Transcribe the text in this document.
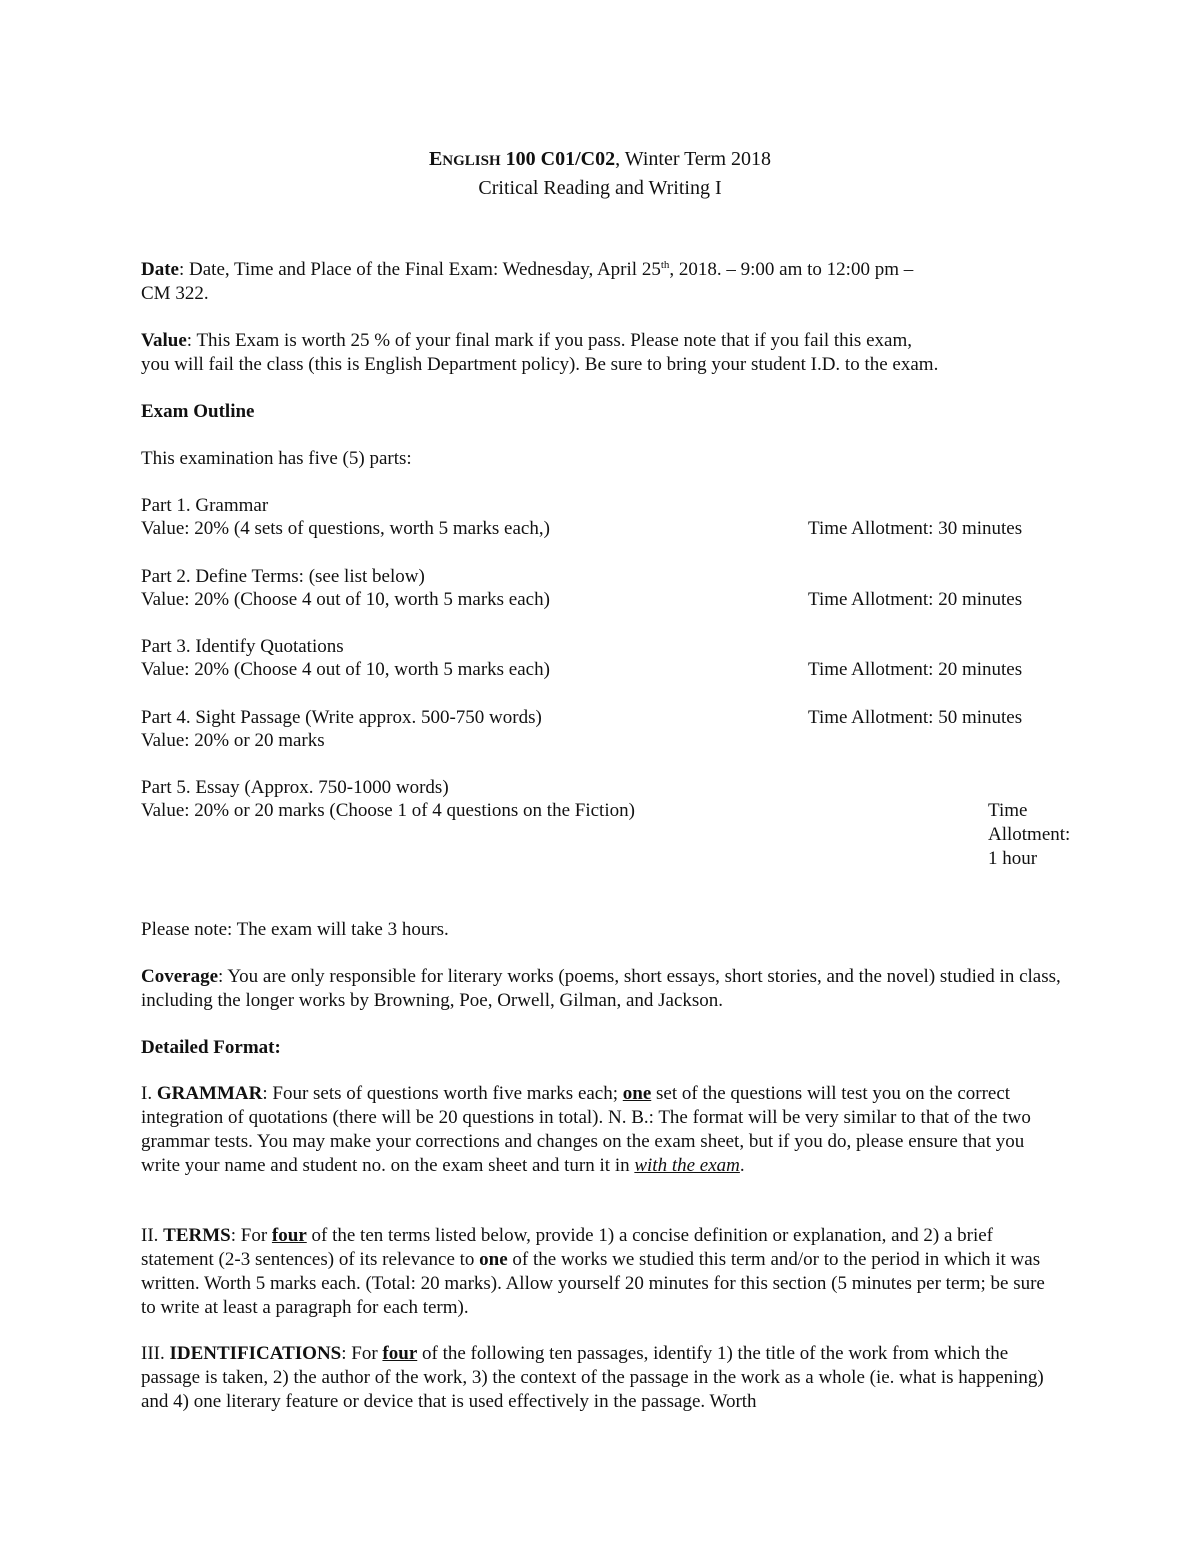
ENGLISH 100 C01/C02, Winter Term 2018
Critical Reading and Writing I

Date: Date, Time and Place of the Final Exam: Wednesday, April 25th, 2018. – 9:00 am to 12:00 pm –

CM 322.

Value: This Exam is worth 25 % of your final mark if you pass. Please note that if you fail this exam,

you will fail the class (this is English Department policy). Be sure to bring your student I.D. to the exam.

Exam Outline
This examination has five (5) parts:
Part 1. Grammar
Value: 20% (4 sets of questions, worth 5 marks each,)	Time Allotment: 30 minutes
Part 2. Define Terms: (see list below)
Value: 20% (Choose 4 out of 10, worth 5 marks each)	Time Allotment: 20 minutes
Part 3. Identify Quotations
Value: 20% (Choose 4 out of 10, worth 5 marks each)	Time Allotment: 20 minutes
Part 4. Sight Passage (Write approx. 500-750 words)	Time Allotment: 50 minutes
Value: 20% or 20 marks
Part 5. Essay (Approx. 750-1000 words)
Value: 20% or 20 marks (Choose 1 of 4 questions on the Fiction)	Time Allotment: 1 hour
Please note: The exam will take 3 hours.

Coverage: You are only responsible for literary works (poems, short essays, short stories, and the novel) studied in class, including the longer works by Browning, Poe, Orwell, Gilman, and Jackson.

Detailed Format:

I. GRAMMAR: Four sets of questions worth five marks each; one set of the questions will test you on the correct integration of quotations (there will be 20 questions in total). N. B.: The format will be very similar to that of the two grammar tests. You may make your corrections and changes on the exam sheet, but if you do, please ensure that you write your name and student no. on the exam sheet and turn it in with the exam.

II. TERMS: For four of the ten terms listed below, provide 1) a concise definition or explanation, and 2) a brief statement (2-3 sentences) of its relevance to one of the works we studied this term and/or to the period in which it was written. Worth 5 marks each. (Total: 20 marks). Allow yourself 20 minutes for this section (5 minutes per term; be sure to write at least a paragraph for each term).

III. IDENTIFICATIONS: For four of the following ten passages, identify 1) the title of the work from which the passage is taken, 2) the author of the work, 3) the context of the passage in the work as a whole (ie. what is happening) and 4) one literary feature or device that is used effectively in the passage. Worth
